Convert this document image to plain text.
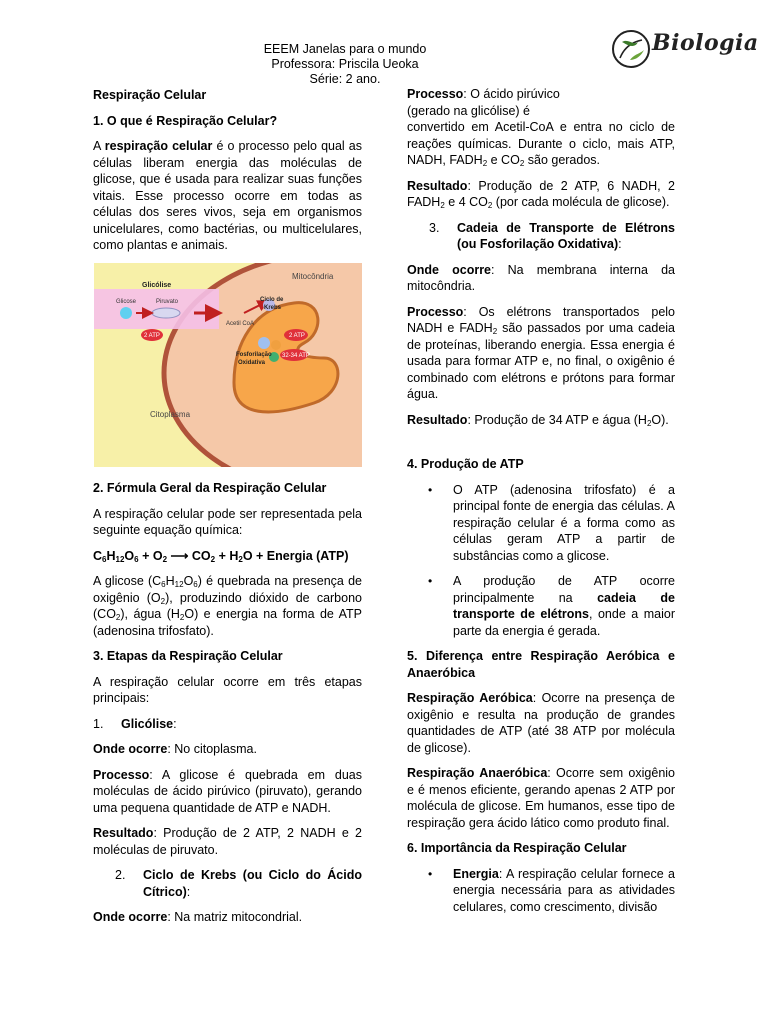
EEEM Janelas para o mundo
Professora: Priscila Ueoka
Série: 2 ano.
Biologia

Respiração Celular

1. O que é Respiração Celular?

A respiração celular é o processo pelo qual as células liberam energia das moléculas de glicose, que é usada para realizar suas funções vitais. Esse processo ocorre em todas as células dos seres vivos, seja em organismos unicelulares, como bactérias, ou multicelulares, como plantas e animais.

Mitocôndria
Glicólise
Glicose	Piruvato
2 ATP
Ciclo de
Krebs
Acetil CoA
2 ATP
Fosforilação
Oxidativa
32-34 ATP
Citoplasma

2. Fórmula Geral da Respiração Celular

A respiração celular pode ser representada pela seguinte equação química:

$C_6H_{12}O_6 + O_2$ ⟶ $CO_2 + H_2O$ + Energia (ATP)

A glicose $(C_6H_{12}O_6)$ é quebrada na presença de oxigênio $(O_2)$, produzindo dióxido de carbono $(CO_2)$, água $(H_2O)$ e energia na forma de ATP (adenosina trifosfato).

3. Etapas da Respiração Celular

A respiração celular ocorre em três etapas principais:

1. Glicólise:

Onde ocorre: No citoplasma.

Processo: A glicose é quebrada em duas moléculas de ácido pirúvico (piruvato), gerando uma pequena quantidade de ATP e NADH.

Resultado: Produção de 2 ATP, 2 NADH e 2 moléculas de piruvato.

2.	Ciclo de Krebs (ou Ciclo do Ácido Cítrico):

Onde ocorre: Na matriz mitocondrial.

Processo: O ácido pirúvico
(gerado na glicólise) é
convertido em Acetil-CoA e entra no ciclo de reações químicas. Durante o ciclo, mais ATP, NADH, $FADH_2$ e $CO_2$ são gerados.

Resultado: Produção de 2 ATP, 6 NADH, 2 $FADH_2$ e 4 $CO_2$ (por cada molécula de glicose).

3.	Cadeia de Transporte de Elétrons (ou Fosforilação Oxidativa):

Onde ocorre: Na membrana interna da mitocôndria.

Processo: Os elétrons transportados pelo NADH e $FADH_2$ são passados por uma cadeia de proteínas, liberando energia. Essa energia é usada para formar ATP e, no final, o oxigênio é combinado com elétrons e prótons para formar água.

Resultado: Produção de 34 ATP e água $(H_2O)$.

4. Produção de ATP

• O ATP (adenosina trifosfato) é a principal fonte de energia das células. A respiração celular é a forma como as células geram ATP a partir de substâncias como a glicose.
• A produção de ATP ocorre principalmente na cadeia de transporte de elétrons, onde a maior parte da energia é gerada.

5. Diferença entre Respiração Aeróbica e Anaeróbica

Respiração Aeróbica: Ocorre na presença de oxigênio e resulta na produção de grandes quantidades de ATP (até 38 ATP por molécula de glicose).

Respiração Anaeróbica: Ocorre sem oxigênio e é menos eficiente, gerando apenas 2 ATP por molécula de glicose. Em humanos, esse tipo de respiração gera ácido lático como produto final.

6. Importância da Respiração Celular

• Energia: A respiração celular fornece a energia necessária para as atividades celulares, como crescimento, divisão
